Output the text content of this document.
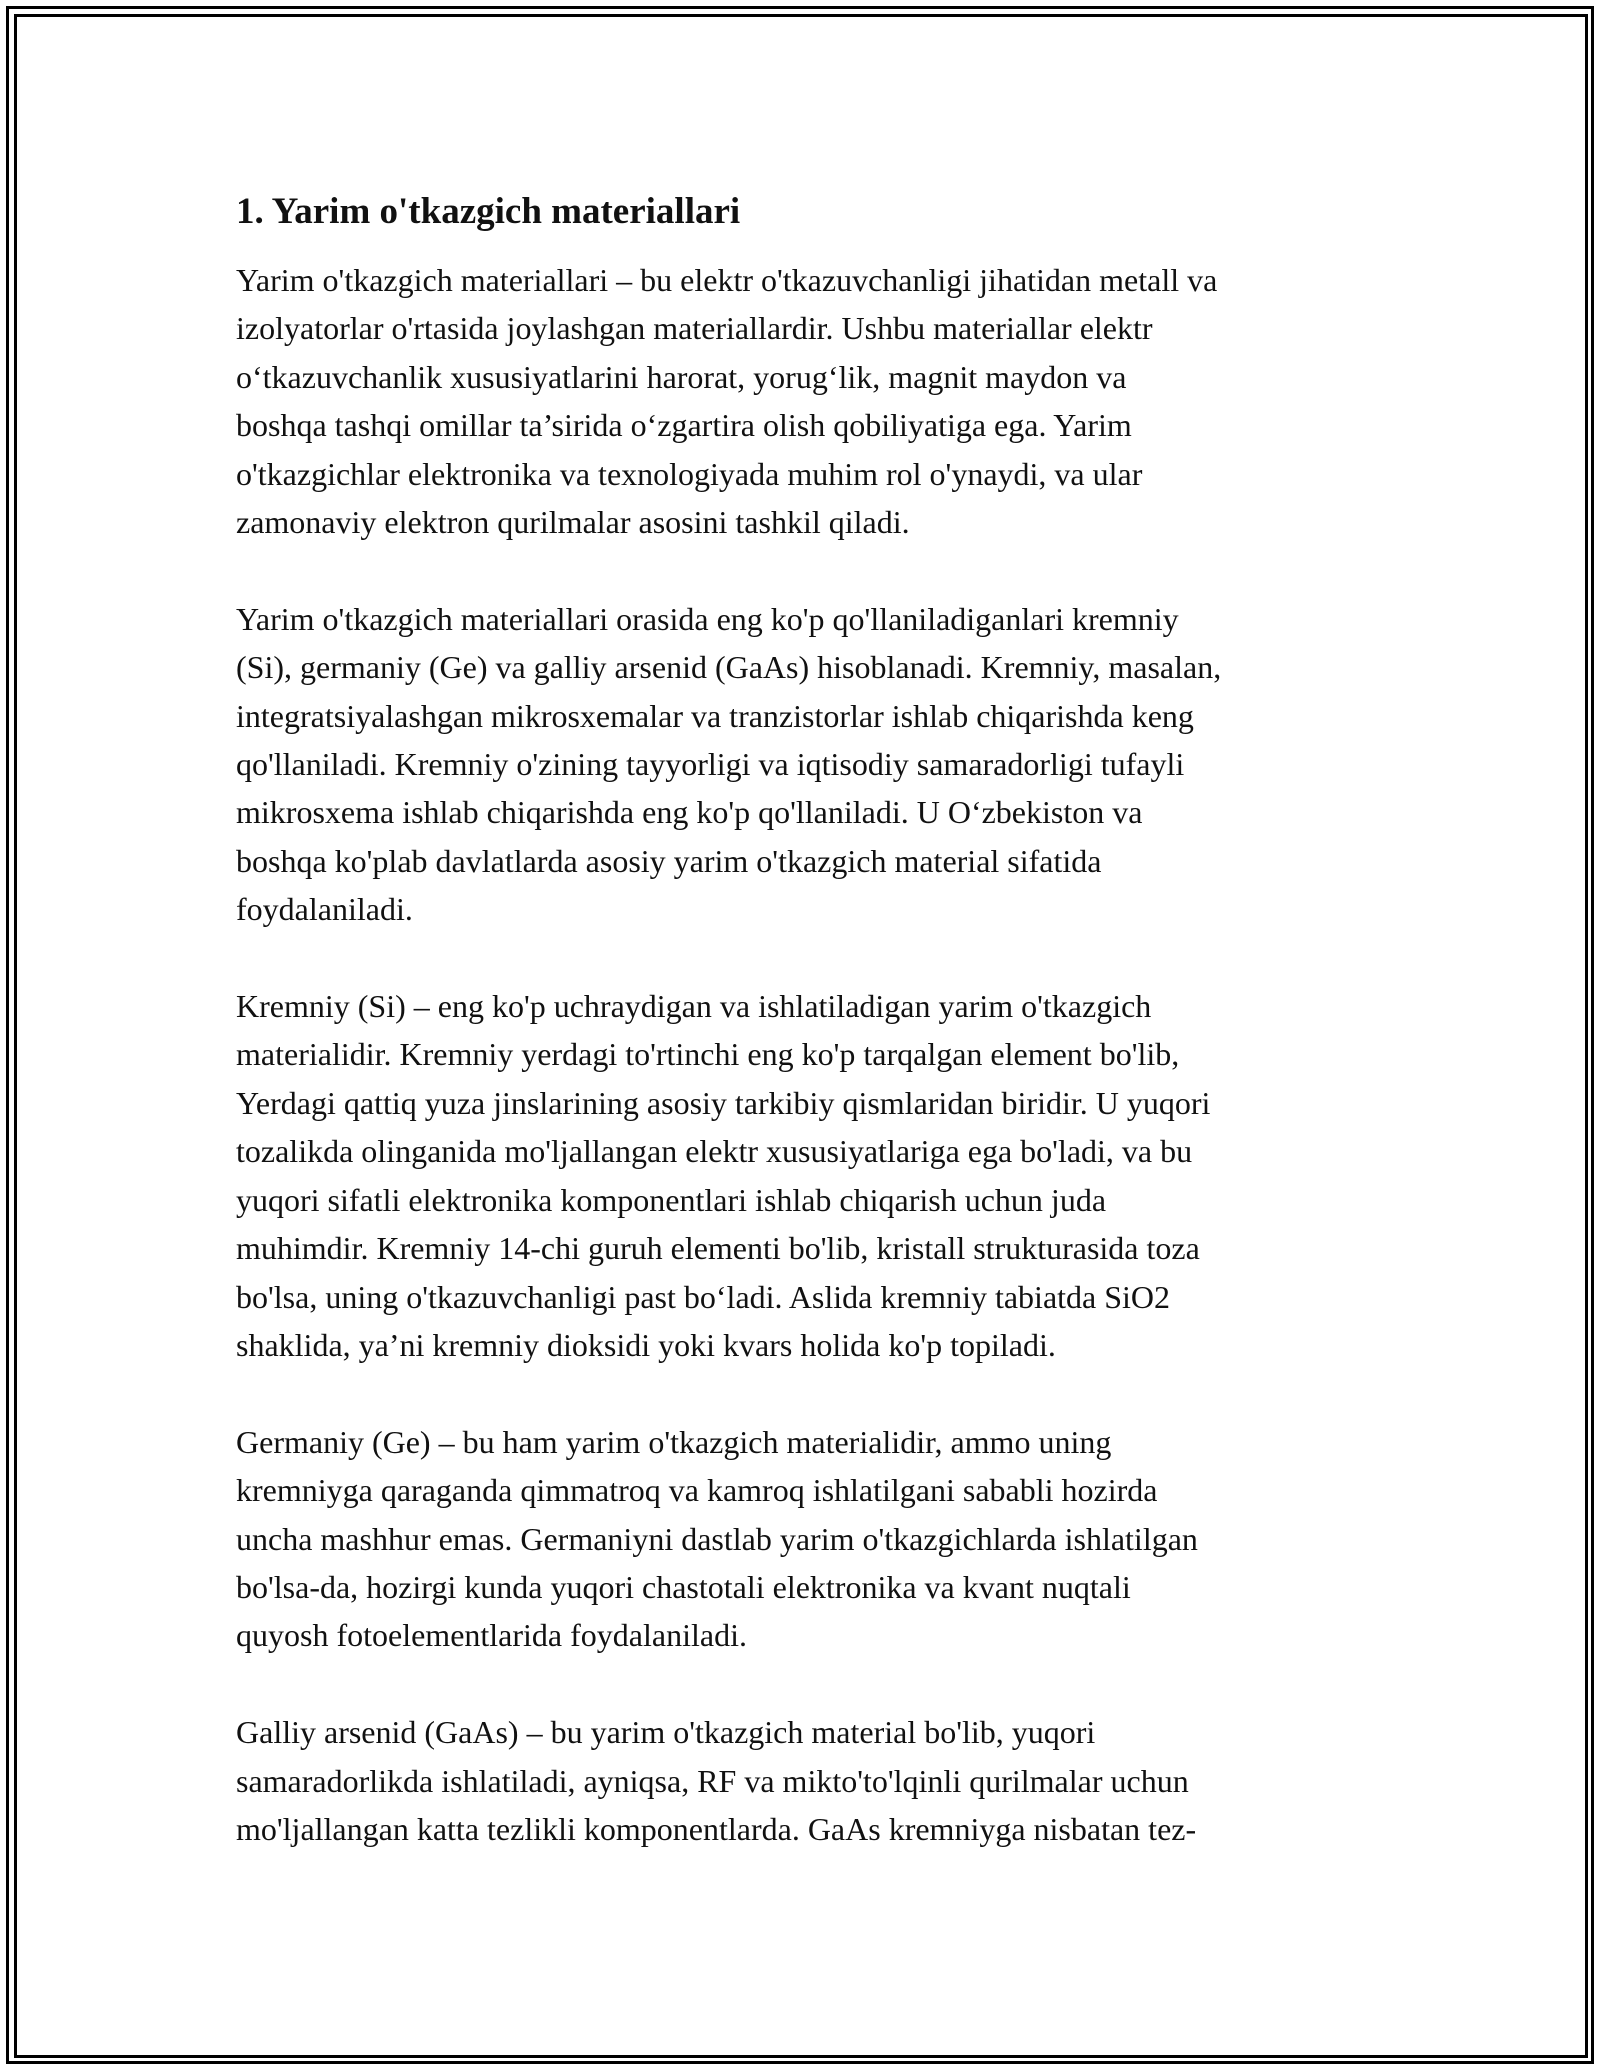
1. Yarim o'tkazgich materiallari

Yarim o'tkazgich materiallari – bu elektr o'tkazuvchanligi jihatidan metall va
izolyatorlar o'rtasida joylashgan materiallardir. Ushbu materiallar elektr
o‘tkazuvchanlik xususiyatlarini harorat, yorug‘lik, magnit maydon va
boshqa tashqi omillar ta’sirida o‘zgartira olish qobiliyatiga ega. Yarim
o'tkazgichlar elektronika va texnologiyada muhim rol o'ynaydi, va ular
zamonaviy elektron qurilmalar asosini tashkil qiladi.

Yarim o'tkazgich materiallari orasida eng ko'p qo'llaniladiganlari kremniy
(Si), germaniy (Ge) va galliy arsenid (GaAs) hisoblanadi. Kremniy, masalan,
integratsiyalashgan mikrosxemalar va tranzistorlar ishlab chiqarishda keng
qo'llaniladi. Kremniy o'zining tayyorligi va iqtisodiy samaradorligi tufayli
mikrosxema ishlab chiqarishda eng ko'p qo'llaniladi. U O‘zbekiston va
boshqa ko'plab davlatlarda asosiy yarim o'tkazgich material sifatida
foydalaniladi.

Kremniy (Si) – eng ko'p uchraydigan va ishlatiladigan yarim o'tkazgich
materialidir. Kremniy yerdagi to'rtinchi eng ko'p tarqalgan element bo'lib,
Yerdagi qattiq yuza jinslarining asosiy tarkibiy qismlaridan biridir. U yuqori
tozalikda olinganida mo'ljallangan elektr xususiyatlariga ega bo'ladi, va bu
yuqori sifatli elektronika komponentlari ishlab chiqarish uchun juda
muhimdir. Kremniy 14-chi guruh elementi bo'lib, kristall strukturasida toza
bo'lsa, uning o'tkazuvchanligi past bo‘ladi. Aslida kremniy tabiatda SiO2
shaklida, ya’ni kremniy dioksidi yoki kvars holida ko'p topiladi.

Germaniy (Ge) – bu ham yarim o'tkazgich materialidir, ammo uning
kremniyga qaraganda qimmatroq va kamroq ishlatilgani sababli hozirda
uncha mashhur emas. Germaniyni dastlab yarim o'tkazgichlarda ishlatilgan
bo'lsa-da, hozirgi kunda yuqori chastotali elektronika va kvant nuqtali
quyosh fotoelementlarida foydalaniladi.

Galliy arsenid (GaAs) – bu yarim o'tkazgich material bo'lib, yuqori
samaradorlikda ishlatiladi, ayniqsa, RF va mikto'to'lqinli qurilmalar uchun
mo'ljallangan katta tezlikli komponentlarda. GaAs kremniyga nisbatan tez-
